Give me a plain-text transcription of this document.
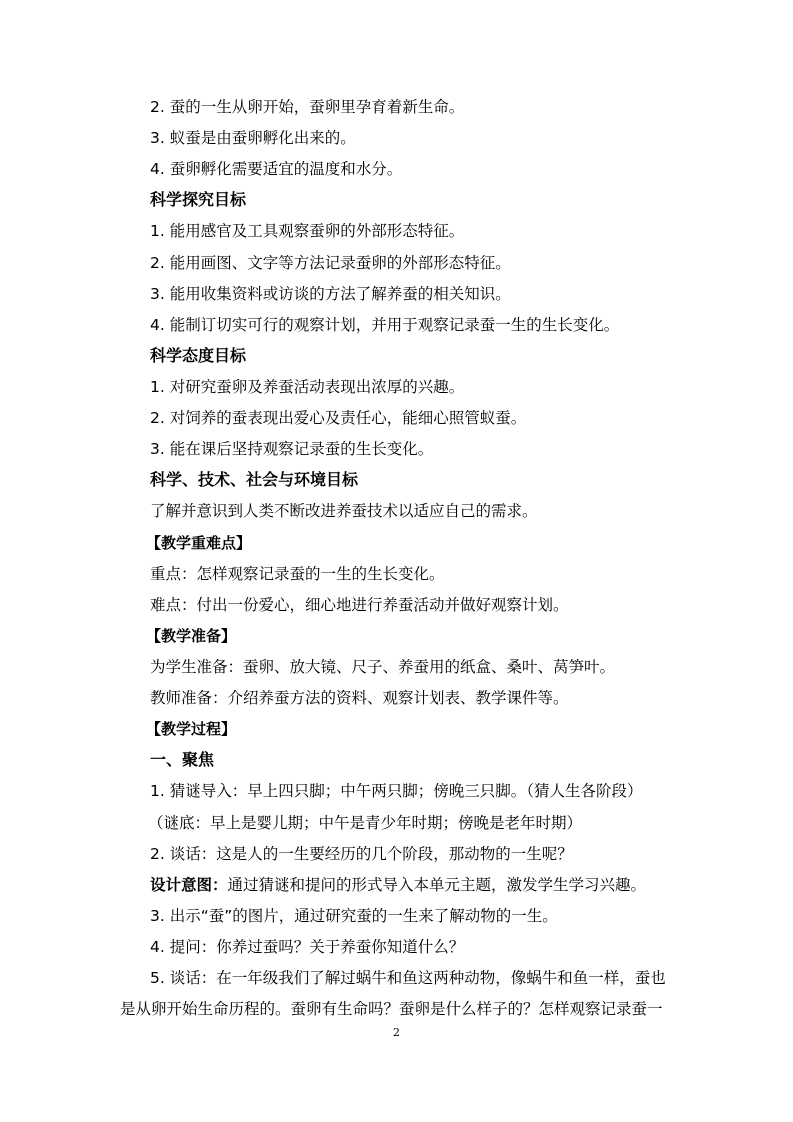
2. 蚕的一生从卵开始，蚕卵里孕育着新生命。
3. 蚁蚕是由蚕卵孵化出来的。
4. 蚕卵孵化需要适宜的温度和水分。
科学探究目标
1. 能用感官及工具观察蚕卵的外部形态特征。
2. 能用画图、文字等方法记录蚕卵的外部形态特征。
3. 能用收集资料或访谈的方法了解养蚕的相关知识。
4. 能制订切实可行的观察计划，并用于观察记录蚕一生的生长变化。
科学态度目标
1. 对研究蚕卵及养蚕活动表现出浓厚的兴趣。
2. 对饲养的蚕表现出爱心及责任心，能细心照管蚁蚕。
3. 能在课后坚持观察记录蚕的生长变化。
科学、技术、社会与环境目标
了解并意识到人类不断改进养蚕技术以适应自己的需求。
【教学重难点】
重点：怎样观察记录蚕的一生的生长变化。
难点：付出一份爱心，细心地进行养蚕活动并做好观察计划。
【教学准备】
为学生准备：蚕卵、放大镜、尺子、养蚕用的纸盒、桑叶、莴笋叶。
教师准备：介绍养蚕方法的资料、观察计划表、教学课件等。
【教学过程】
一、聚焦
1. 猜谜导入：早上四只脚；中午两只脚；傍晚三只脚。（猜人生各阶段）
（谜底：早上是婴儿期；中午是青少年时期；傍晚是老年时期）
2. 谈话：这是人的一生要经历的几个阶段，那动物的一生呢？
设计意图：通过猜谜和提问的形式导入本单元主题，激发学生学习兴趣。
3. 出示“蚕”的图片，通过研究蚕的一生来了解动物的一生。
4. 提问：你养过蚕吗？关于养蚕你知道什么？
5. 谈话：在一年级我们了解过蜗牛和鱼这两种动物，像蜗牛和鱼一样，蚕也
是从卵开始生命历程的。蚕卵有生命吗？蚕卵是什么样子的？怎样观察记录蚕一
2
